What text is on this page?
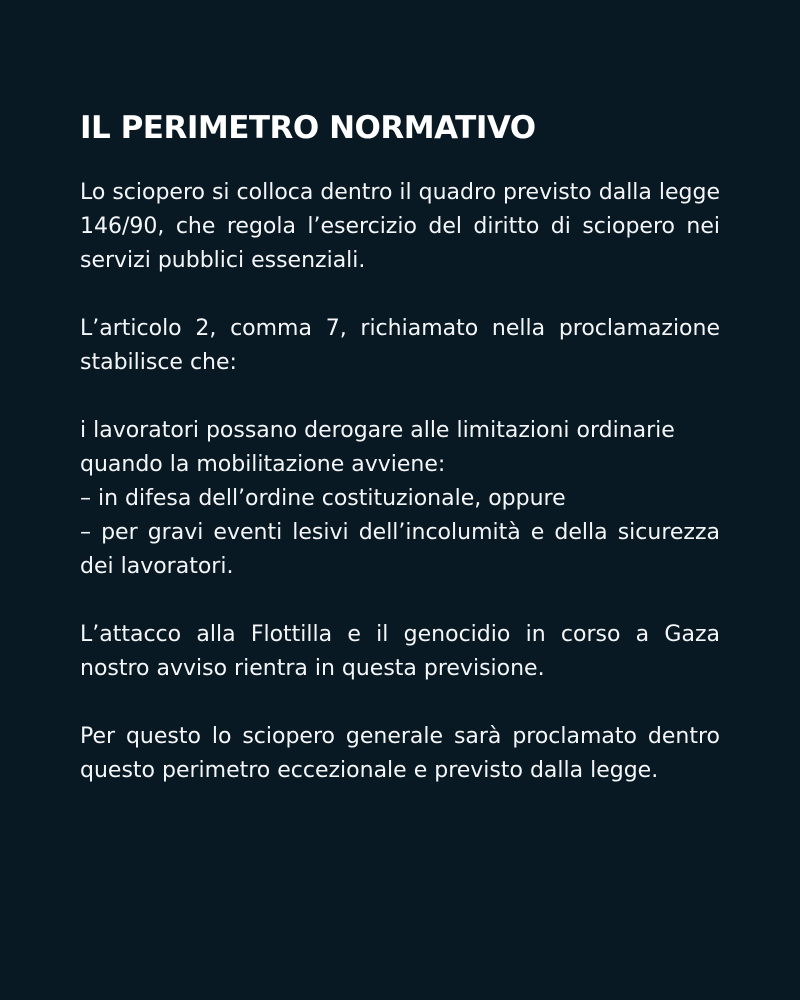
IL PERIMETRO NORMATIVO

Lo sciopero si colloca dentro il quadro previsto dalla legge 146/90, che regola l’esercizio del diritto di sciopero nei servizi pubblici essenziali.

L’articolo 2, comma 7, richiamato nella proclamazione stabilisce che:

i lavoratori possano derogare alle limitazioni ordinarie
quando la mobilitazione avviene:
– in difesa dell’ordine costituzionale, oppure
– per gravi eventi lesivi dell’incolumità e della sicurezza
dei lavoratori.

L’attacco alla Flottilla e il genocidio in corso a Gaza nostro avviso rientra in questa previsione.

Per questo lo sciopero generale sarà proclamato dentro questo perimetro eccezionale e previsto dalla legge.
